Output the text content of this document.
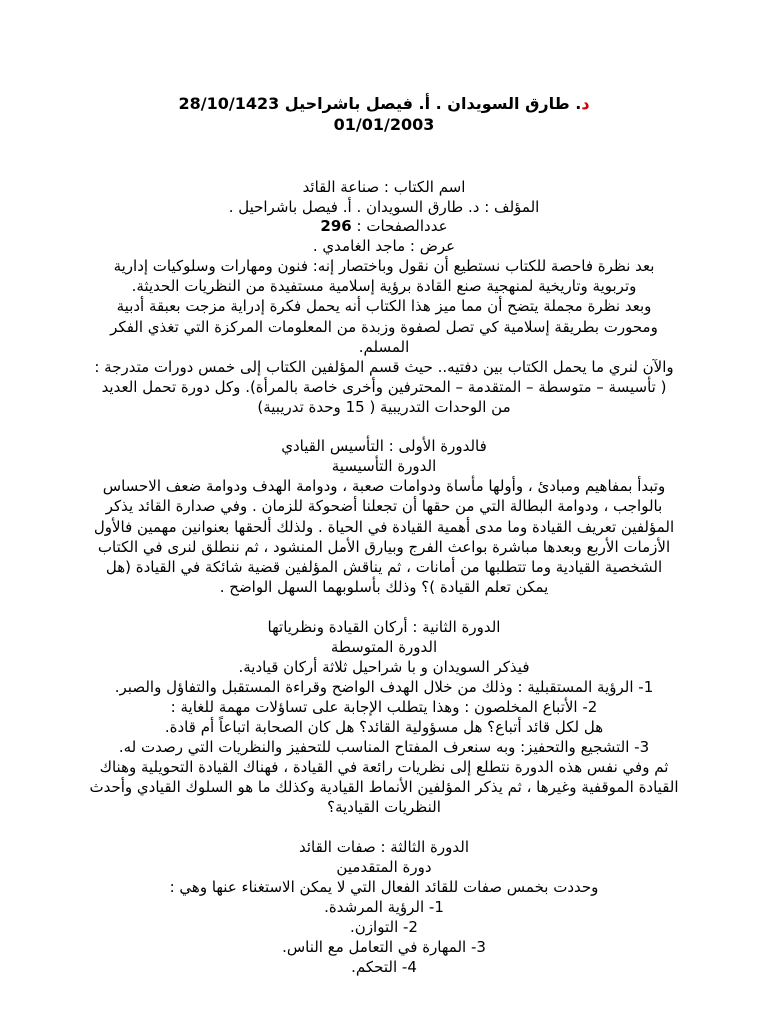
د. طارق السويدان . أ. فيصل باشراحيل 28/10/1423
01/01/2003
اسم الكتاب : صناعة القائد
المؤلف : د. طارق السويدان . أ. فيصل باشراحيل .
عددالصفحات : 296
عرض : ماجد الغامدي .
بعد نظرة فاحصة للكتاب نستطيع أن نقول وباختصار إنه: فنون ومهارات وسلوكيات إدارية
وتربوية وتاريخية لمنهجية صنع القادة برؤية إسلامية مستفيدة من النظريات الحديثة.
وبعد نظرة مجملة يتضح أن مما ميز هذا الكتاب أنه يحمل فكرة إدراية مزجت بعبقة أدبية
ومحورت بطريقة إسلامية كي تصل لصفوة وزبدة من المعلومات المركزة التي تغذي الفكر
المسلم.
والآن لنري ما يحمل الكتاب بين دفتيه.. حيث قسم المؤلفين الكتاب إلى خمس دورات متدرجة :
( تأسيسة – متوسطة – المتقدمة – المحترفين وأخرى خاصة بالمرأة). وكل دورة تحمل العديد
من الوحدات التدريبية ( 15 وحدة تدريبية)
فالدورة الأولى : التأسيس القيادي
الدورة التأسيسية
وتبدأ بمفاهيم ومبادئ ، وأولها مأساة ودوامات صعبة ، ودوامة الهدف ودوامة ضعف الاحساس
بالواجب ، ودوامة البطالة التي من حقها أن تجعلنا أضحوكة للزمان . وفي صدارة القائد يذكر
المؤلفين تعريف القيادة وما مدى أهمية القيادة في الحياة . ولذلك ألحقها بعنوانين مهمين فالأول
الأزمات الأربع وبعدها مباشرة بواعث الفرج وبيارق الأمل المنشود ، ثم ننطلق لنرى في الكتاب
الشخصية القيادية وما تتطلبها من أمانات ، ثم يناقش المؤلفين قضية شائكة في القيادة (هل
يمكن تعلم القيادة )؟ وذلك بأسلوبهما السهل الواضح .
الدورة الثانية : أركان القيادة ونظرياتها
الدورة المتوسطة
فيذكر السويدان و با شراحيل ثلاثة أركان قيادية.
1- الرؤية المستقبلية : وذلك من خلال الهدف الواضح وقراءة المستقبل والتفاؤل والصبر.
2- الأتباع المخلصون : وهذا يتطلب الإجابة على تساؤلات مهمة للغاية :
هل لكل قائد أتباع؟ هل مسؤولية القائد؟ هل كان الصحابة اتباعاً أم قادة.
3- التشجيع والتحفيز: وبه سنعرف المفتاح المناسب للتحفيز والنظريات التي رصدت له.
ثم وفي نفس هذه الدورة نتطلع إلى نظريات رائعة في القيادة ، فهناك القيادة التحويلية وهناك
القيادة الموقفية وغيرها ، ثم يذكر المؤلفين الأنماط القيادية وكذلك ما هو السلوك القيادي وأحدث
النظريات القيادية؟
الدورة الثالثة : صفات القائد
دورة المتقدمين
وحددت بخمس صفات للقائد الفعال التي لا يمكن الاستغناء عنها وهي :
1- الرؤية المرشدة.
2- التوازن.
3- المهارة في التعامل مع الناس.
4- التحكم.
